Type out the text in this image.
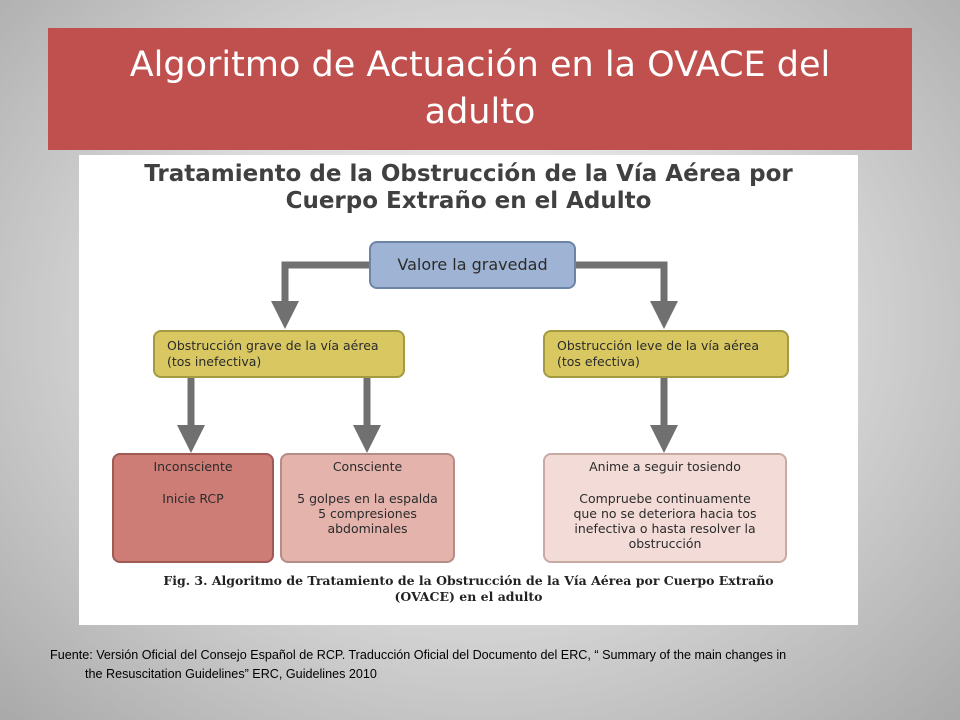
Algoritmo de Actuación en la OVACE del adulto
Tratamiento de la Obstrucción de la Vía Aérea por
Cuerpo Extraño en el Adulto
Valore la gravedad
Obstrucción grave de la vía aérea
(tos inefectiva)
Obstrucción leve de la vía aérea
(tos efectiva)
Inconsciente
Inicie RCP
Consciente
5 golpes en la espalda
5 compresiones
abdominales
Anime a seguir tosiendo
Compruebe continuamente
que no se deteriora hacia tos
inefectiva o hasta resolver la
obstrucción
Fig. 3. Algoritmo de Tratamiento de la Obstrucción de la Vía Aérea por Cuerpo Extraño
(OVACE) en el adulto
Fuente: Versión Oficial del Consejo Español de RCP. Traducción Oficial del Documento del ERC, “ Summary of the main changes in
the Resuscitation Guidelines” ERC, Guidelines 2010
